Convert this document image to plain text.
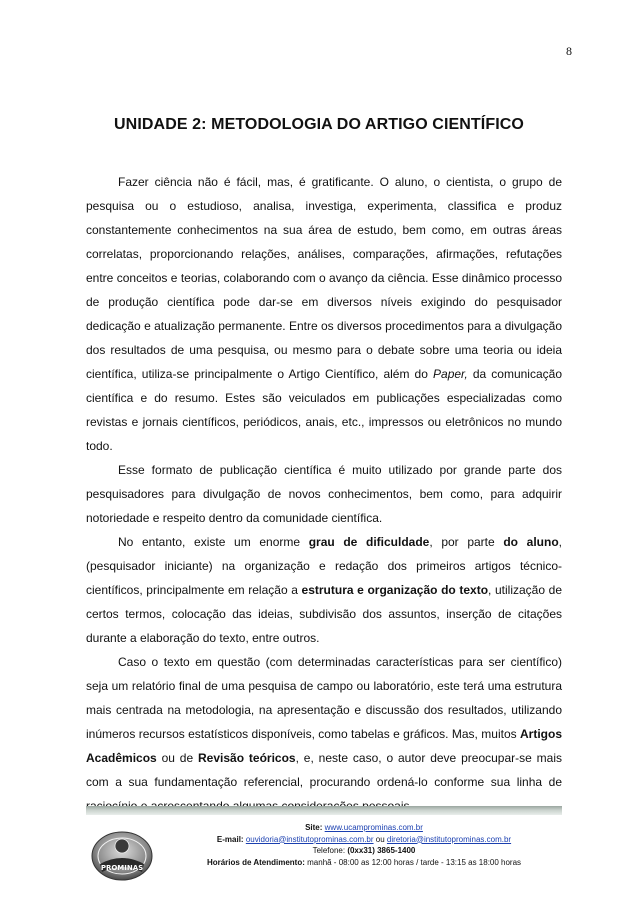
8
UNIDADE 2: METODOLOGIA DO ARTIGO CIENTÍFICO

Fazer ciência não é fácil, mas, é gratificante. O aluno, o cientista, o grupo de pesquisa ou o estudioso, analisa, investiga, experimenta, classifica e produz constantemente conhecimentos na sua área de estudo, bem como, em outras áreas correlatas, proporcionando relações, análises, comparações, afirmações, refutações entre conceitos e teorias, colaborando com o avanço da ciência. Esse dinâmico processo de produção científica pode dar-se em diversos níveis exigindo do pesquisador dedicação e atualização permanente. Entre os diversos procedimentos para a divulgação dos resultados de uma pesquisa, ou mesmo para o debate sobre uma teoria ou ideia científica, utiliza-se principalmente o Artigo Científico, além do Paper, da comunicação científica e do resumo. Estes são veiculados em publicações especializadas como revistas e jornais científicos, periódicos, anais, etc., impressos ou eletrônicos no mundo todo.

Esse formato de publicação científica é muito utilizado por grande parte dos pesquisadores para divulgação de novos conhecimentos, bem como, para adquirir notoriedade e respeito dentro da comunidade científica.

No entanto, existe um enorme grau de dificuldade, por parte do aluno, (pesquisador iniciante) na organização e redação dos primeiros artigos técnico-científicos, principalmente em relação a estrutura e organização do texto, utilização de certos termos, colocação das ideias, subdivisão dos assuntos, inserção de citações durante a elaboração do texto, entre outros.

Caso o texto em questão (com determinadas características para ser científico) seja um relatório final de uma pesquisa de campo ou laboratório, este terá uma estrutura mais centrada na metodologia, na apresentação e discussão dos resultados, utilizando inúmeros recursos estatísticos disponíveis, como tabelas e gráficos. Mas, muitos Artigos Acadêmicos ou de Revisão teóricos, e, neste caso, o autor deve preocupar-se mais com a sua fundamentação referencial, procurando ordená-lo conforme sua linha de

PROMINAS
Site: www.ucamprominas.com.br
E-mail: ouvidoria@institutoprominas.com.br ou diretoria@institutoprominas.com.br
Telefone: (0xx31) 3865-1400
Horários de Atendimento: manhã - 08:00 as 12:00 horas / tarde - 13:15 as 18:00 horas
